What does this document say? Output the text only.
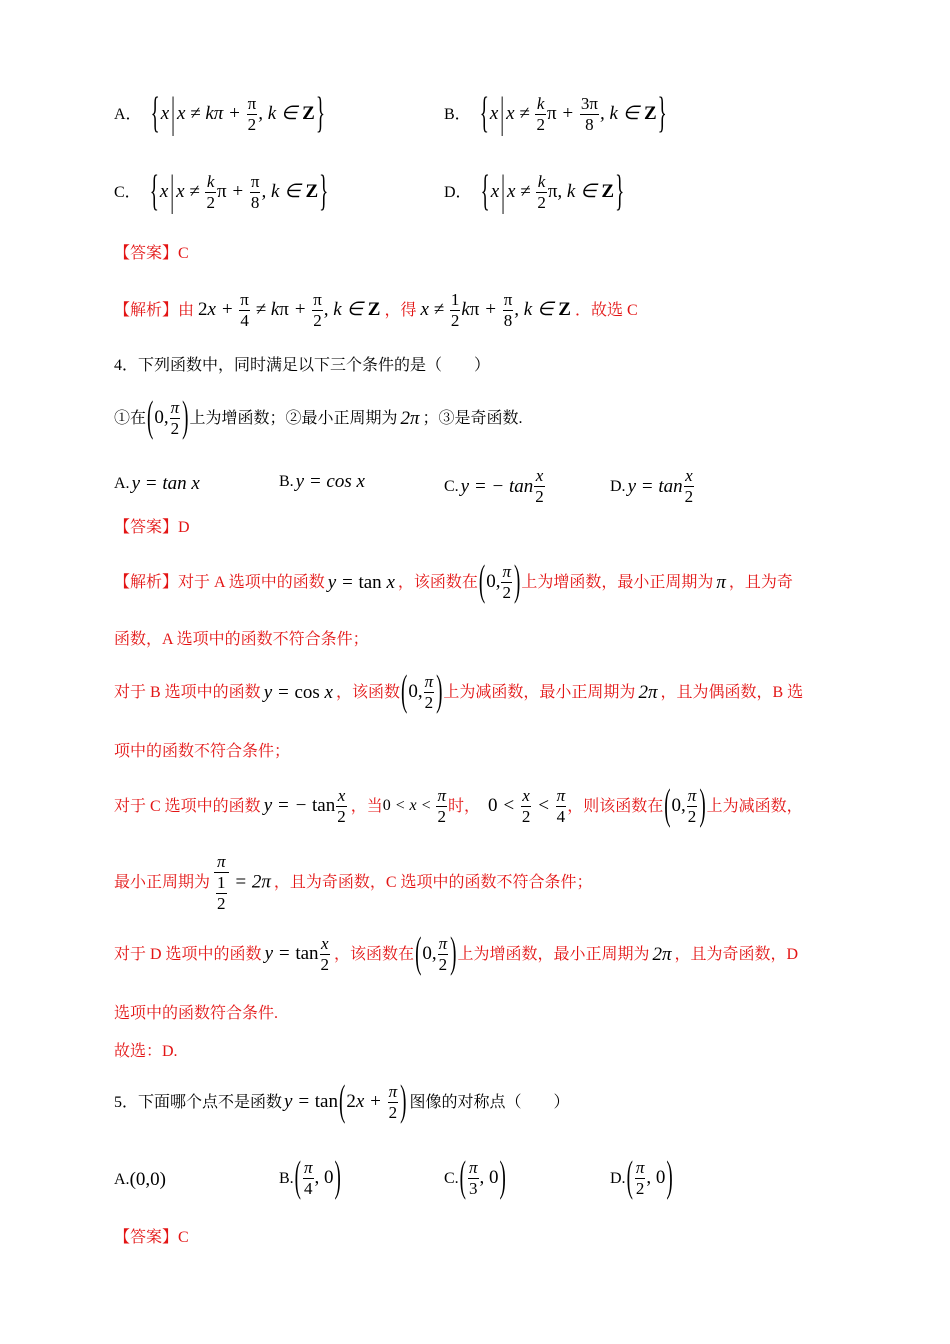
A． {x | $x \ne k\pi + \frac{\pi}{2}$ , k ∈ Z}	B． {x | $x \ne \frac{k}{2}$ $\pi + \frac{3\pi}{8}$ , k ∈ Z}
C． {x | $x \ne \frac{k}{2}$ $\pi + \frac{\pi}{8}$ , k ∈ Z}	D． {x | $x \ne \frac{k}{2} \pi$, k ∈ Z}
【答案】C
【解析】 由 $2x + \frac{\pi}{4} \ne k\pi + \frac{\pi}{2}$ , k ∈ Z ，得 $x \ne \frac{1}{2}$ $k\pi + \frac{\pi}{8}$ , k ∈ Z ．故选 C
4．下列函数中，同时满足以下三个条件的是（　　）
①在 (0, $\frac{\pi}{2}$ ) 上为增函数；②最小正周期为 2π ；③是奇函数.
A. y = tan x	B. y = cos x	C. y = − $\tan \frac{x}{2}$	D. $y = \tan \frac{x}{2}$
【答案】D
【解析】 对于 A 选项中的函数 y = tan x ，该函数在 (0, $\frac{\pi}{2}$ ) 上为增函数，最小正周期为 π ，且为奇
函数，A 选项中的函数不符合条件；
对于 B 选项中的函数 y = cos x ，该函数 (0, $\frac{\pi}{2}$ ) 上为减函数，最小正周期为 2π ，且为偶函数，B 选
项中的函数不符合条件；
对于 C 选项中的函数 y = − $\tan \frac{x}{2}$ ，当 $0 < x < \frac{\pi}{2}$ 时， $0 < \frac{x}{2} < \frac{\pi}{4}$ ，则该函数在 (0, $\frac{\pi}{2}$ ) 上为减函数，
最小正周期为 $\frac{\pi}{\frac{1}{2}} = 2\pi$ ，且为奇函数，C 选项中的函数不符合条件；
对于 D 选项中的函数 $y = \tan \frac{x}{2}$ ，该函数在 (0, $\frac{\pi}{2}$ ) 上为增函数，最小正周期为 2π ，且为奇函数，D
选项中的函数符合条件.
故选：D.
5．下面哪个点不是函数 $y = \tan(2x + \frac{\pi}{2}$ ) 图像的对称点（　　）
A. (0,0)	B. ( $\frac{\pi}{4}$ , 0)	C. ( $\frac{\pi}{3}$ , 0)	D. ( $\frac{\pi}{2}$ , 0)
【答案】C
